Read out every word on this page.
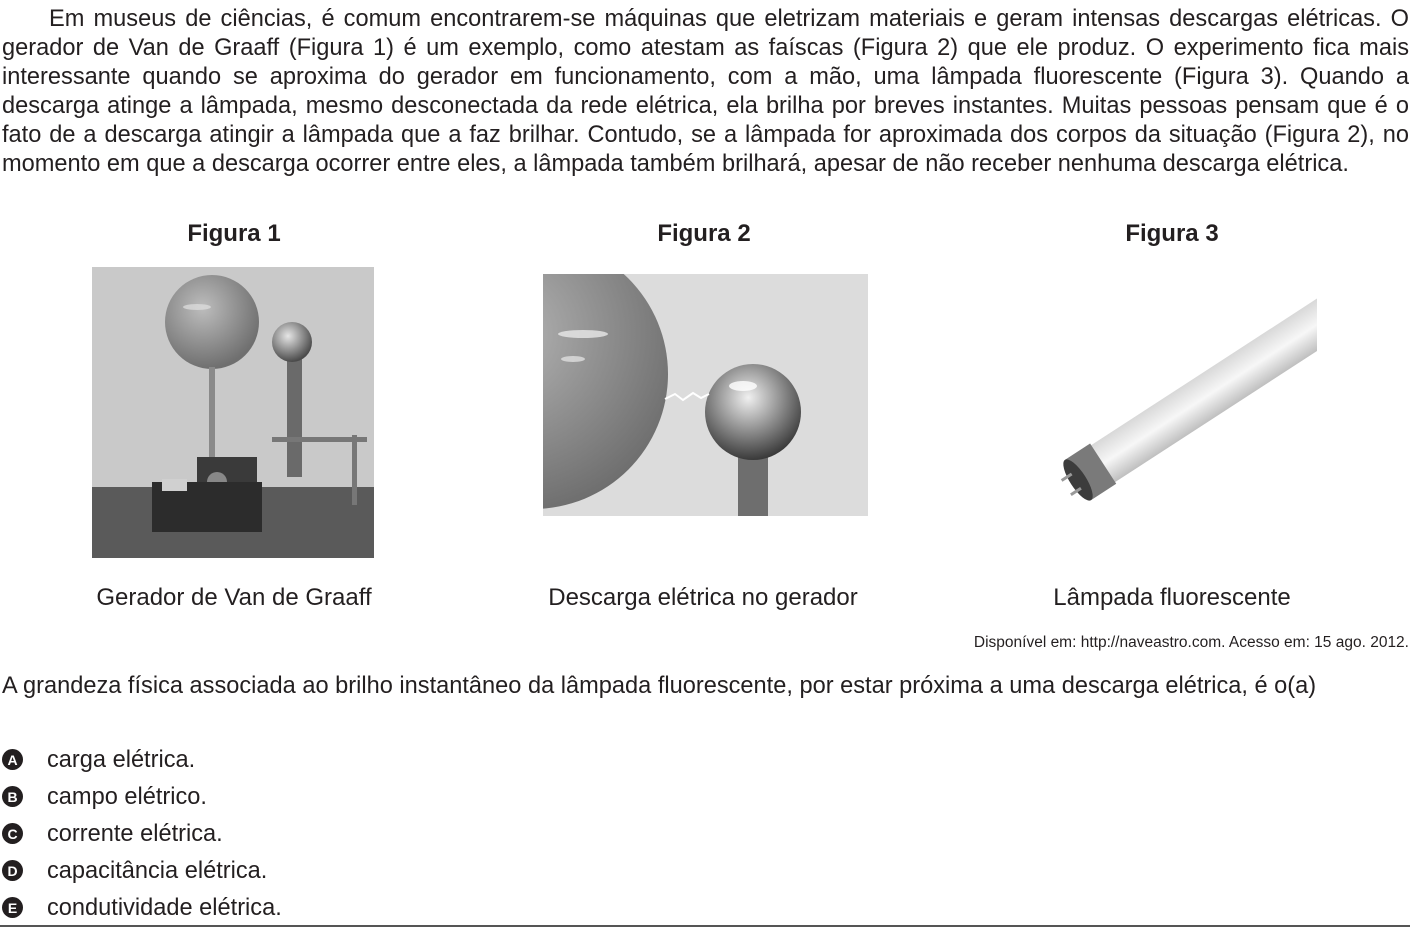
Em museus de ciências, é comum encontrarem-se máquinas que eletrizam materiais e geram intensas descargas elétricas. O gerador de Van de Graaff (Figura 1) é um exemplo, como atestam as faíscas (Figura 2) que ele produz. O experimento fica mais interessante quando se aproxima do gerador em funcionamento, com a mão, uma lâmpada fluorescente (Figura 3). Quando a descarga atinge a lâmpada, mesmo desconectada da rede elétrica, ela brilha por breves instantes. Muitas pessoas pensam que é o fato de a descarga atingir a lâmpada que a faz brilhar. Contudo, se a lâmpada for aproximada dos corpos da situação (Figura 2), no momento em que a descarga ocorrer entre eles, a lâmpada também brilhará, apesar de não receber nenhuma descarga elétrica.

Figura 1	Figura 2	Figura 3
Gerador de Van de Graaff	Descarga elétrica no gerador	Lâmpada fluorescente
Disponível em: http://naveastro.com. Acesso em: 15 ago. 2012.

A grandeza física associada ao brilho instantâneo da lâmpada fluorescente, por estar próxima a uma descarga elétrica, é o(a)

A carga elétrica.
B campo elétrico.
C corrente elétrica.
D capacitância elétrica.
E condutividade elétrica.
